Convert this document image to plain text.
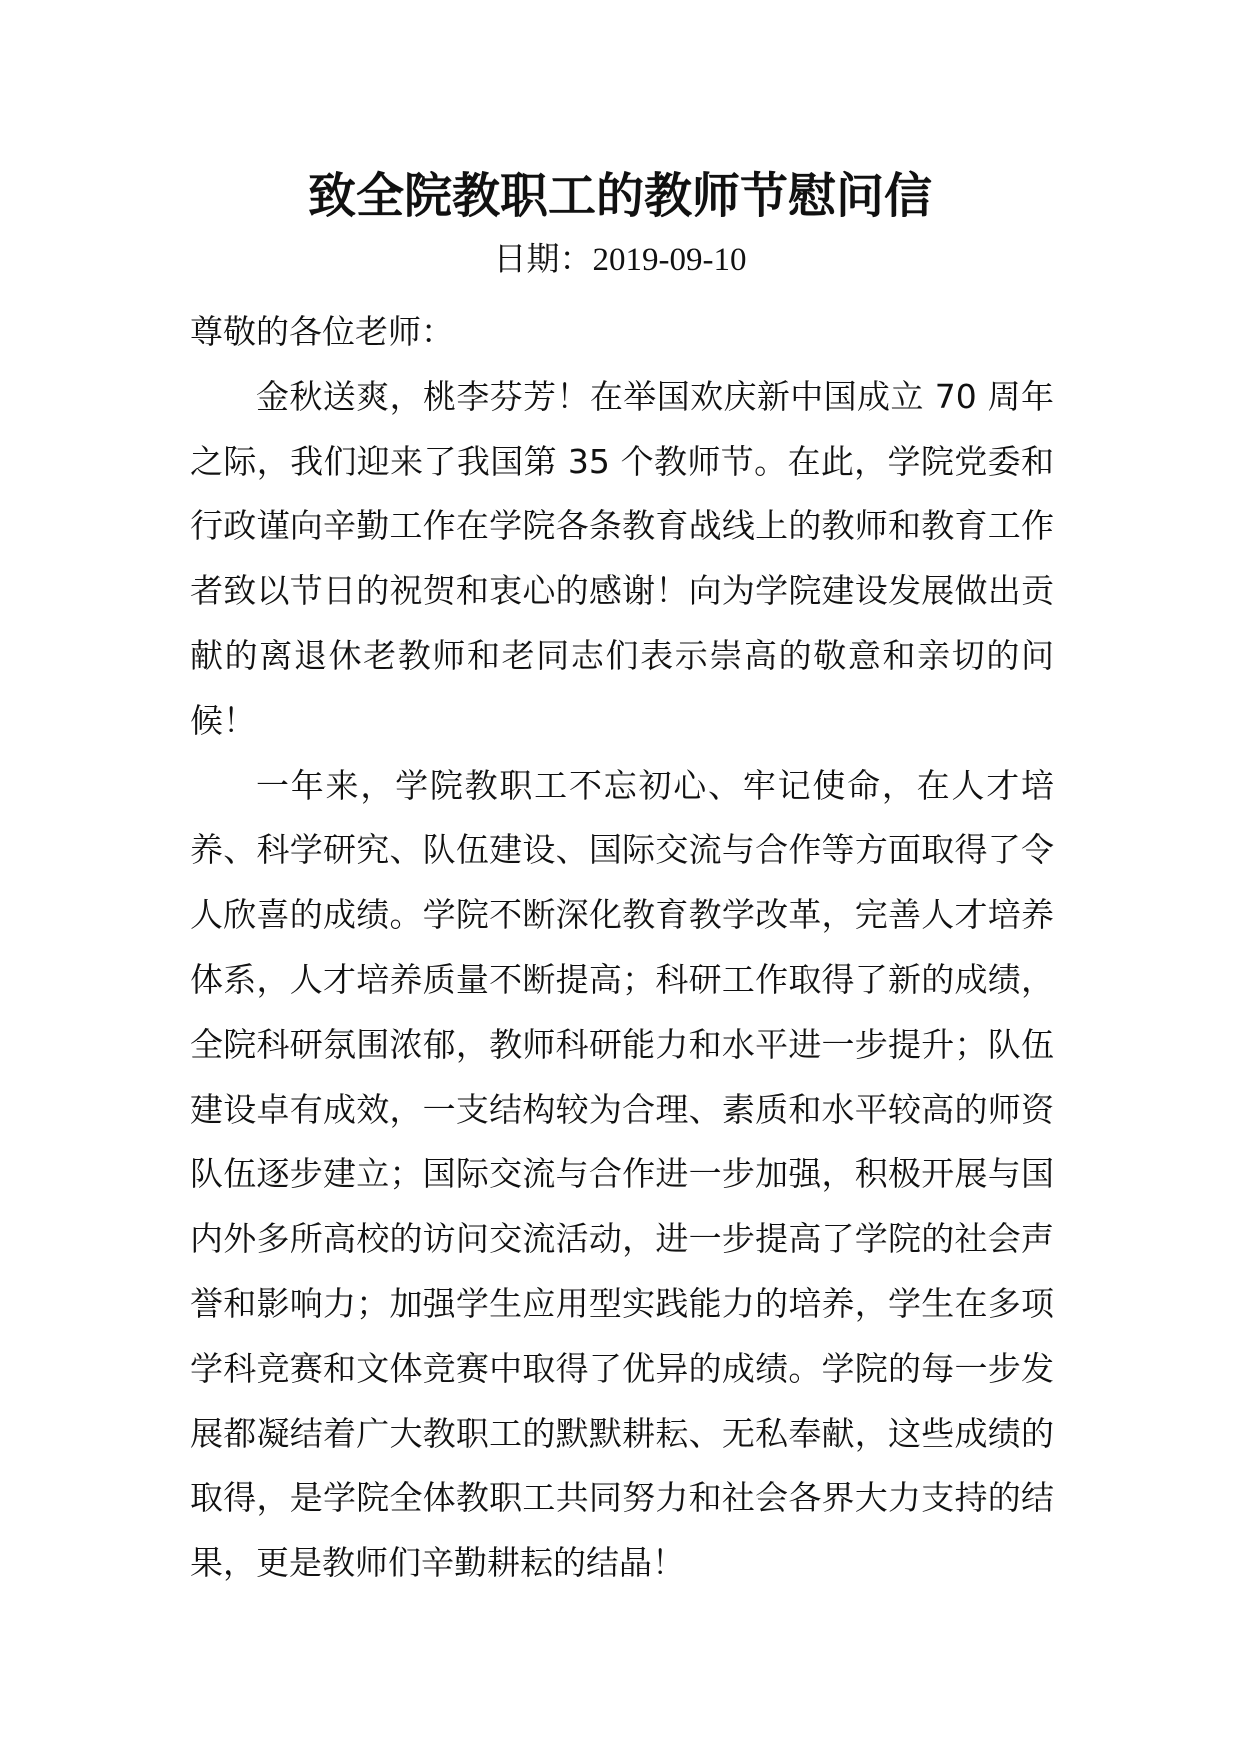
致全院教职工的教师节慰问信
日期：2019-09-10

尊敬的各位老师：

金秋送爽，桃李芬芳！在举国欢庆新中国成立 70 周年之际，我们迎来了我国第 35 个教师节。在此，学院党委和行政谨向辛勤工作在学院各条教育战线上的教师和教育工作者致以节日的祝贺和衷心的感谢！向为学院建设发展做出贡献的离退休老教师和老同志们表示崇高的敬意和亲切的问候！

一年来，学院教职工不忘初心、牢记使命，在人才培养、科学研究、队伍建设、国际交流与合作等方面取得了令人欣喜的成绩。学院不断深化教育教学改革，完善人才培养体系，人才培养质量不断提高；科研工作取得了新的成绩，全院科研氛围浓郁，教师科研能力和水平进一步提升；队伍建设卓有成效，一支结构较为合理、素质和水平较高的师资队伍逐步建立；国际交流与合作进一步加强，积极开展与国内外多所高校的访问交流活动，进一步提高了学院的社会声誉和影响力；加强学生应用型实践能力的培养，学生在多项学科竞赛和文体竞赛中取得了优异的成绩。学院的每一步发展都凝结着广大教职工的默默耕耘、无私奉献，这些成绩的取得，是学院全体教职工共同努力和社会各界大力支持的结果，更是教师们辛勤耕耘的结晶！
